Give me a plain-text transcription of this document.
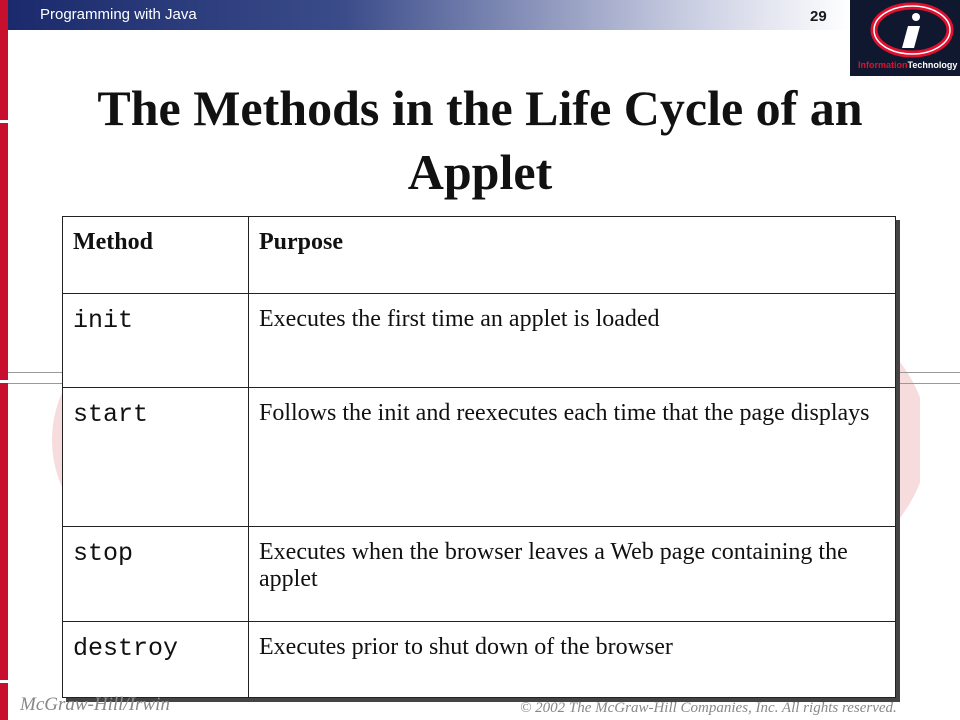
Programming with Java	29
InformationTechnology
The Methods in the Life Cycle of an Applet
Method	Purpose
init	Executes the first time an applet is loaded
start	Follows the init and reexecutes each time that the page displays
stop	Executes when the browser leaves a Web page containing the applet
destroy	Executes prior to shut down of the browser
McGraw-Hill/Irwin	© 2002 The McGraw-Hill Companies, Inc. All rights reserved.
